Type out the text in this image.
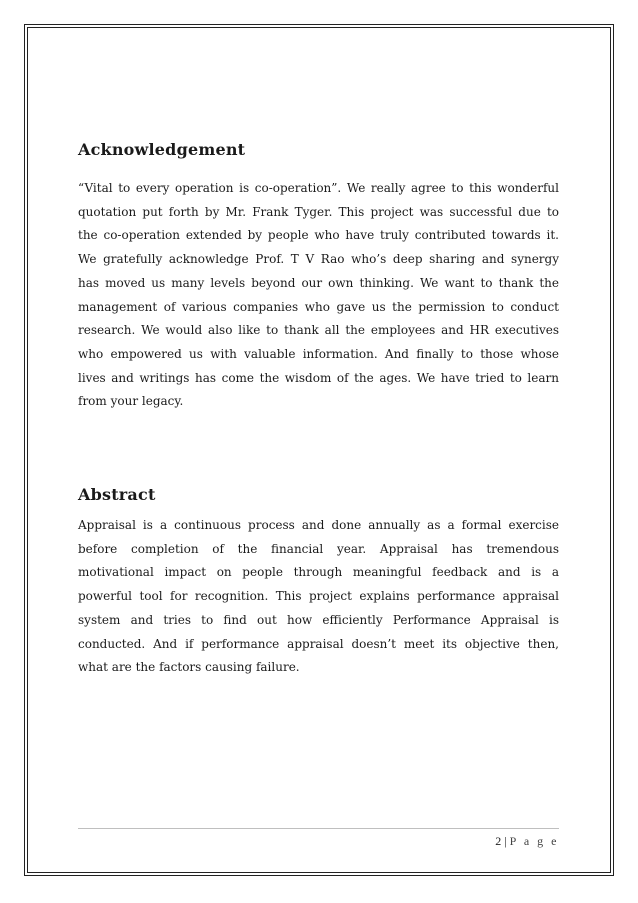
Acknowledgement
“Vital to every operation is co-operation”. We really agree to this wonderful
quotation put forth by Mr. Frank Tyger. This project was successful due to
the co-operation extended by people who have truly contributed towards it.
We gratefully acknowledge Prof. T V Rao who’s deep sharing and synergy
has moved us many levels beyond our own thinking. We want to thank the
management of various companies who gave us the permission to conduct
research. We would also like to thank all the employees and HR executives
who empowered us with valuable information. And finally to those whose
lives and writings has come the wisdom of the ages. We have tried to learn
from your legacy.
Abstract
Appraisal is a continuous process and done annually as a formal exercise
before completion of the financial year. Appraisal has tremendous
motivational impact on people through meaningful feedback and is a
powerful tool for recognition. This project explains performance appraisal
system and tries to find out how efficiently Performance Appraisal is
conducted. And if performance appraisal doesn’t meet its objective then,
what are the factors causing failure.
2 | P a g e
